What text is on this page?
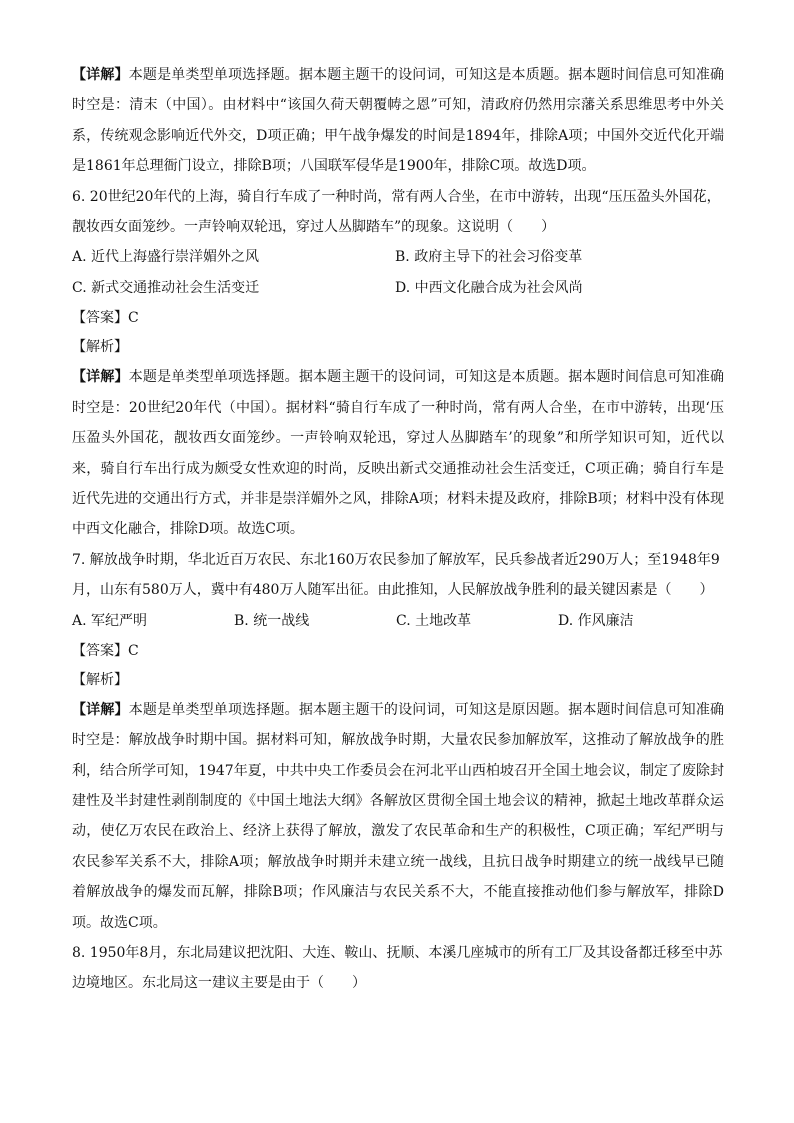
【详解】本题是单类型单项选择题。据本题主题干的设问词，可知这是本质题。据本题时间信息可知准确时空是：清末（中国）。由材料中“该国久荷天朝覆帱之恩”可知，清政府仍然用宗藩关系思维思考中外关系，传统观念影响近代外交，D项正确；甲午战争爆发的时间是1894年，排除A项；中国外交近代化开端是1861年总理衙门设立，排除B项；八国联军侵华是1900年，排除C项。故选D项。

6. 20世纪20年代的上海，骑自行车成了一种时尚，常有两人合坐，在市中游转，出现“压压盈头外国花，靓妆西女面笼纱。一声铃响双轮迅，穿过人丛脚踏车”的现象。这说明（　　）

A. 近代上海盛行崇洋媚外之风	B. 政府主导下的社会习俗变革
C. 新式交通推动社会生活变迁	D. 中西文化融合成为社会风尚

【答案】C

【解析】

【详解】本题是单类型单项选择题。据本题主题干的设问词，可知这是本质题。据本题时间信息可知准确时空是：20世纪20年代（中国）。据材料“骑自行车成了一种时尚，常有两人合坐，在市中游转，出现‘压压盈头外国花，靓妆西女面笼纱。一声铃响双轮迅，穿过人丛脚踏车’的现象”和所学知识可知，近代以来，骑自行车出行成为颇受女性欢迎的时尚，反映出新式交通推动社会生活变迁，C项正确；骑自行车是近代先进的交通出行方式，并非是崇洋媚外之风，排除A项；材料未提及政府，排除B项；材料中没有体现中西文化融合，排除D项。故选C项。

7. 解放战争时期，华北近百万农民、东北160万农民参加了解放军，民兵参战者近290万人；至1948年9月，山东有580万人，冀中有480万人随军出征。由此推知，人民解放战争胜利的最关键因素是（　　）

A. 军纪严明	B. 统一战线	C. 土地改革	D. 作风廉洁

【答案】C

【解析】

【详解】本题是单类型单项选择题。据本题主题干的设问词，可知这是原因题。据本题时间信息可知准确时空是：解放战争时期中国。据材料可知，解放战争时期，大量农民参加解放军，这推动了解放战争的胜利，结合所学可知，1947年夏，中共中央工作委员会在河北平山西柏坡召开全国土地会议，制定了废除封建性及半封建性剥削制度的《中国土地法大纲》各解放区贯彻全国土地会议的精神，掀起土地改革群众运动，使亿万农民在政治上、经济上获得了解放，激发了农民革命和生产的积极性，C项正确；军纪严明与农民参军关系不大，排除A项；解放战争时期并未建立统一战线，且抗日战争时期建立的统一战线早已随着解放战争的爆发而瓦解，排除B项；作风廉洁与农民关系不大，不能直接推动他们参与解放军，排除D项。故选C项。

8. 1950年8月，东北局建议把沈阳、大连、鞍山、抚顺、本溪几座城市的所有工厂及其设备都迁移至中苏边境地区。东北局这一建议主要是由于（　　）
